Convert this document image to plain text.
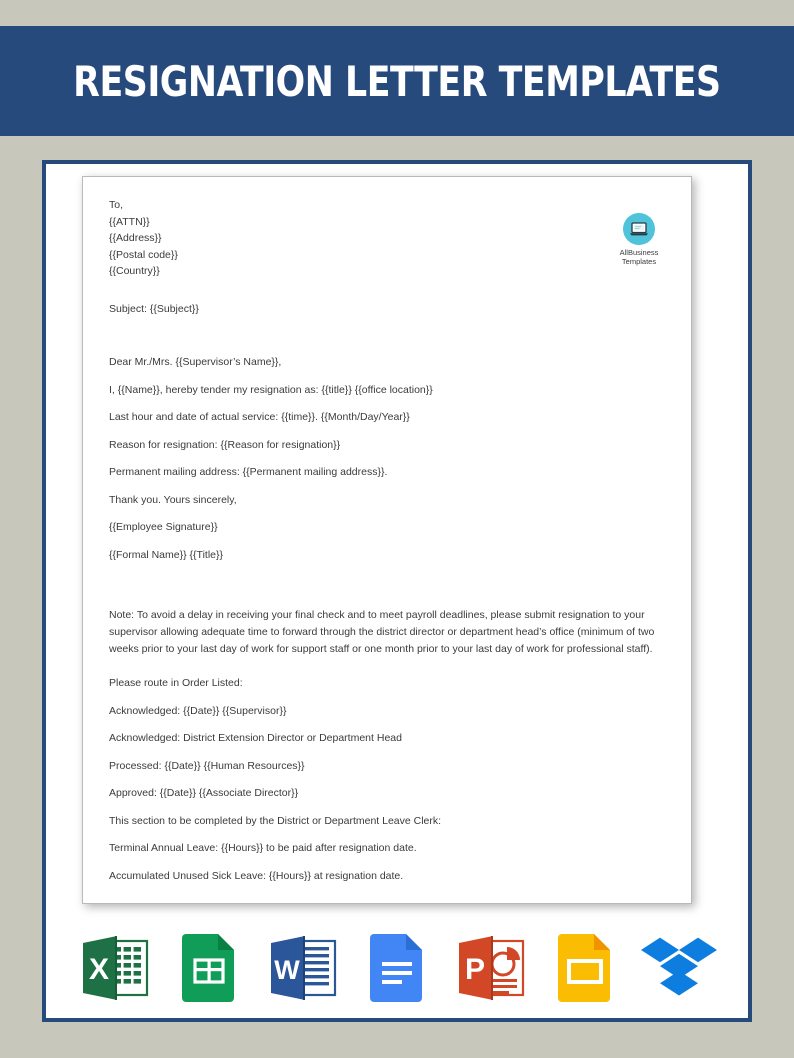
RESIGNATION LETTER TEMPLATES
AllBusiness
Templates
To,
{{ATTN}}
{{Address}}
{{Postal code}}
{{Country}}
Subject: {{Subject}}
Dear Mr./Mrs. {{Supervisor’s Name}},
I, {{Name}}, hereby tender my resignation as: {{title}} {{office location}}
Last hour and date of actual service: {{time}}. {{Month/Day/Year}}
Reason for resignation: {{Reason for resignation}}
Permanent mailing address: {{Permanent mailing address}}.
Thank you. Yours sincerely,
{{Employee Signature}}
{{Formal Name}} {{Title}}
Note: To avoid a delay in receiving your final check and to meet payroll deadlines, please submit resignation to your supervisor allowing adequate time to forward through the district director or department head’s office (minimum of two weeks prior to your last day of work for support staff or one month prior to your last day of work for professional staff).
Please route in Order Listed:
Acknowledged: {{Date}} {{Supervisor}}
Acknowledged: District Extension Director or Department Head
Processed: {{Date}} {{Human Resources}}
Approved: {{Date}} {{Associate Director}}
This section to be completed by the District or Department Leave Clerk:
Terminal Annual Leave: {{Hours}} to be paid after resignation date.
Accumulated Unused Sick Leave: {{Hours}} at resignation date.
X	W	P
